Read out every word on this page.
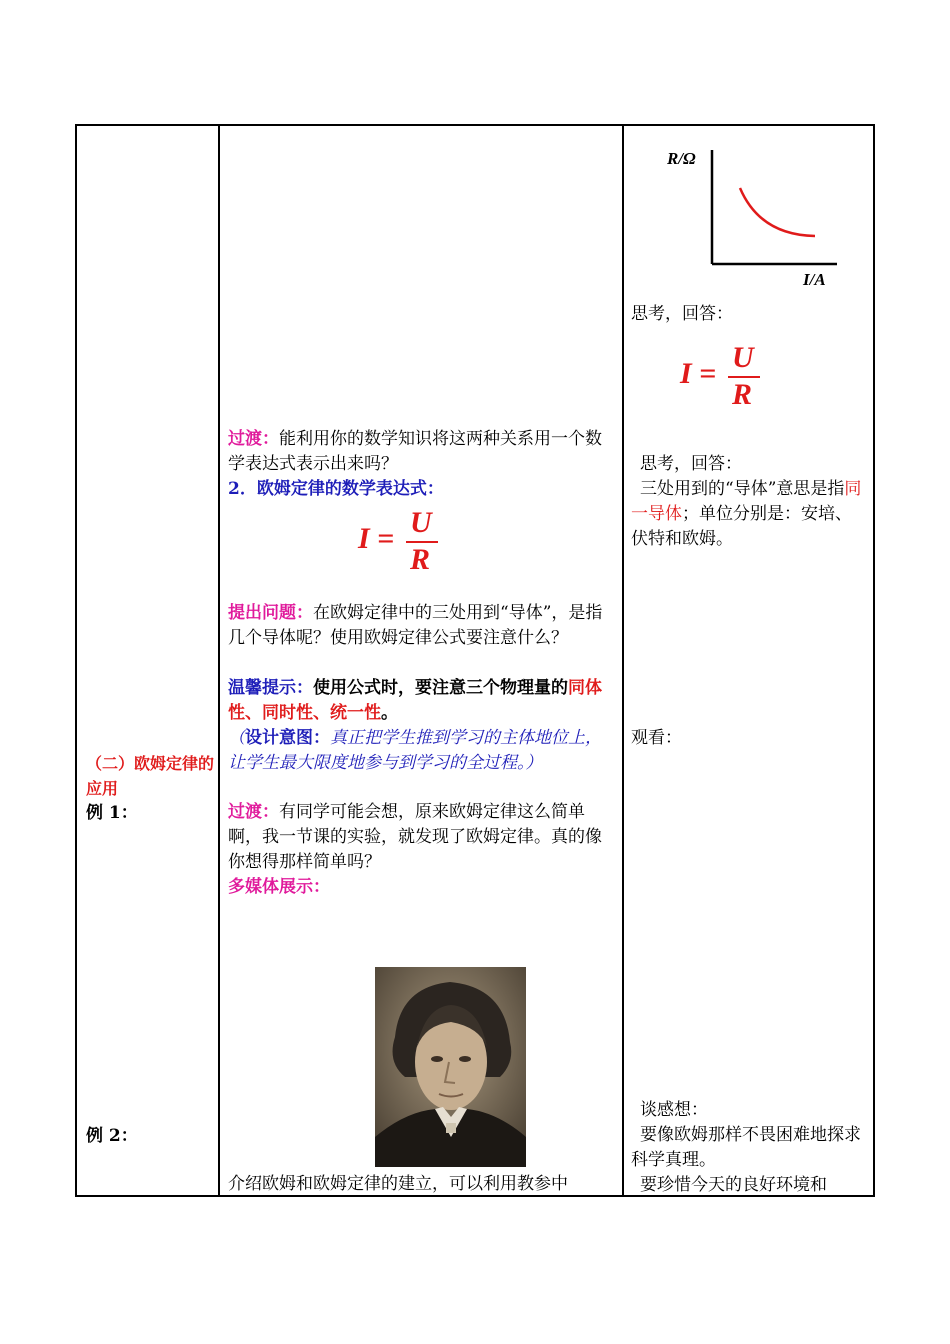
（二）欧姆定律的应用
例 1：
例 2：
过渡：能利用你的数学知识将这两种关系用一个数学表达式表示出来吗？
2．欧姆定律的数学表达式：
I = U
R
提出问题：在欧姆定律中的三处用到“导体”，是指几个导体呢？使用欧姆定律公式要注意什么？
温馨提示：使用公式时，要注意三个物理量的同体性、同时性、统一性。
（设计意图：真正把学生推到学习的主体地位上，让学生最大限度地参与到学习的全过程。）
过渡：有同学可能会想，原来欧姆定律这么简单啊，我一节课的实验，就发现了欧姆定律。真的像你想得那样简单吗？
多媒体展示：
介绍欧姆和欧姆定律的建立，可以利用教参中
R/Ω
I/A
思考，回答：
I = U
R
思考，回答：
三处用到的“导体”意思是指同一导体；单位分别是：安培、伏特和欧姆。
观看：
谈感想：
要像欧姆那样不畏困难地探求科学真理。
要珍惜今天的良好环境和
